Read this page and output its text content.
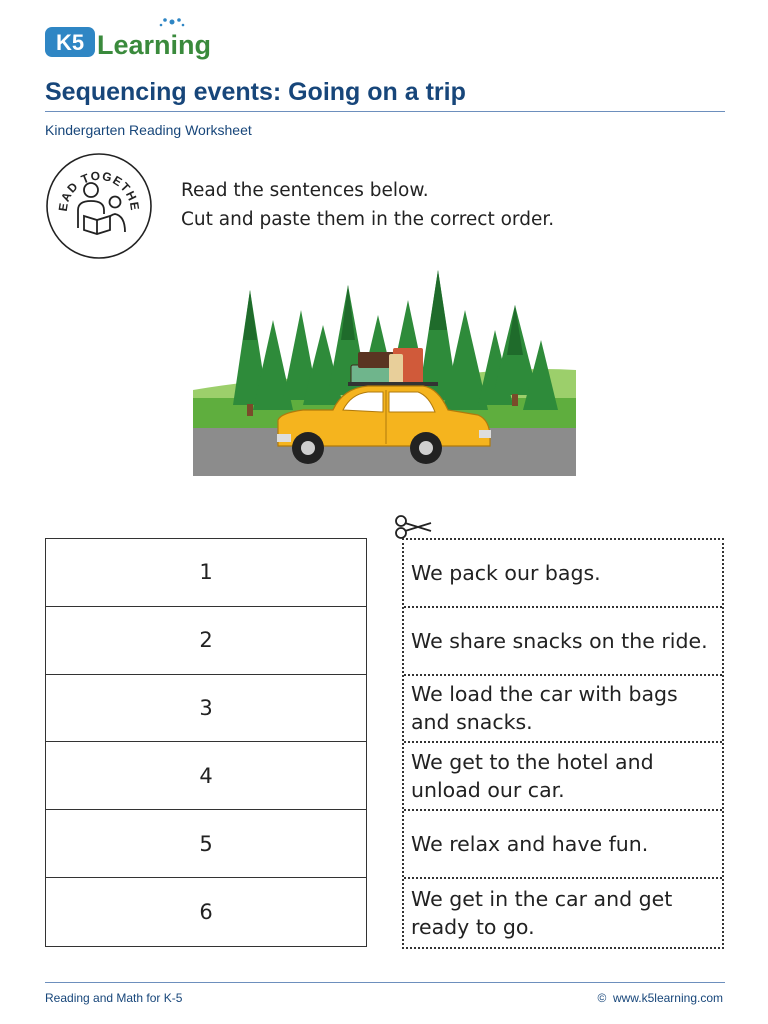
K5 Learning
Sequencing events: Going on a trip
Kindergarten Reading Worksheet
EAD TOGETHE
Read the sentences below.
Cut and paste them in the correct order.
1
2
3
4
5
6
We pack our bags.
We share snacks on the ride.
We load the car with bags and snacks.
We get to the hotel and unload our car.
We relax and have fun.
We get in the car and get ready to go.
Reading and Math for K-5	© www.k5learning.com
